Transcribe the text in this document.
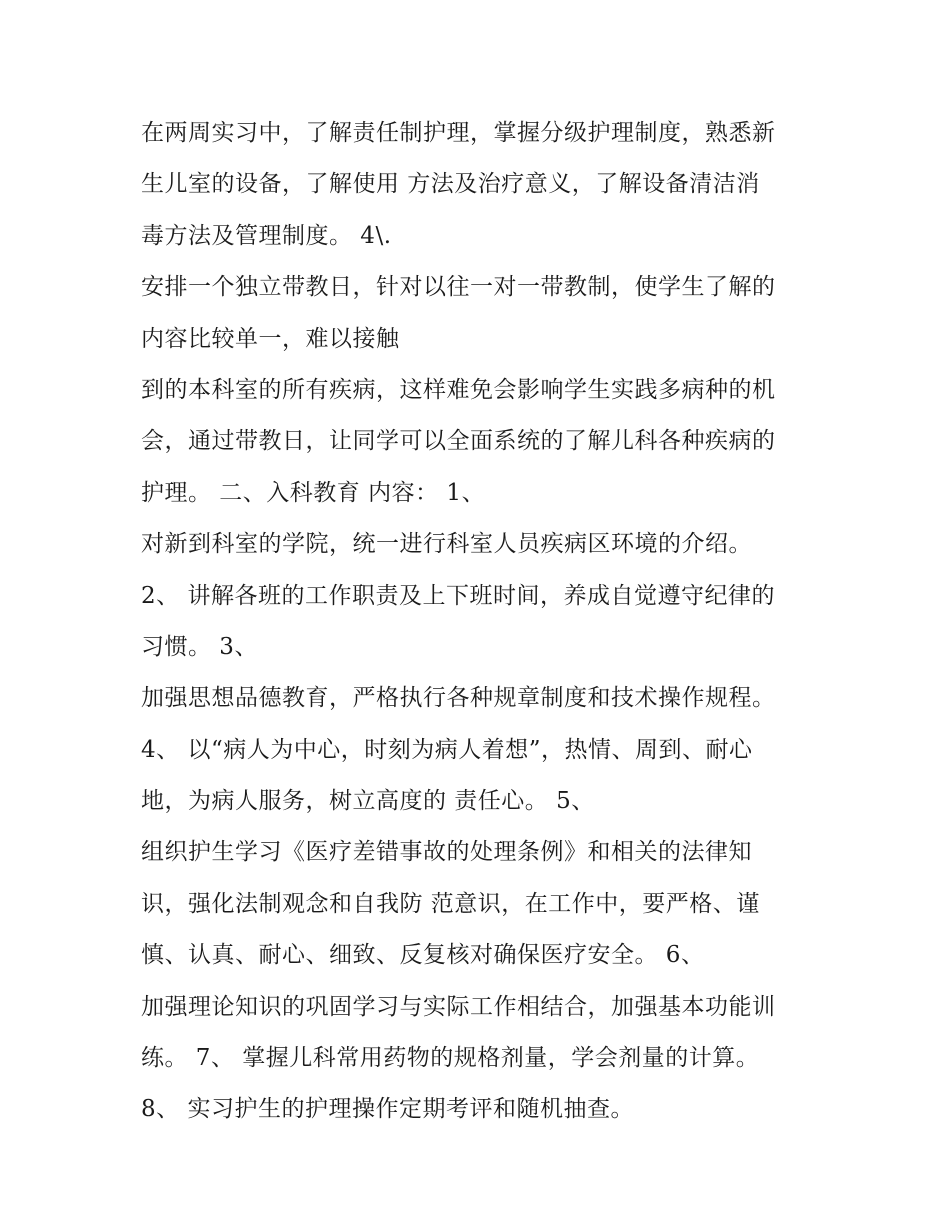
在两周实习中，了解责任制护理，掌握分级护理制度，熟悉新
生儿室的设备，了解使用 方法及治疗意义，了解设备清洁消
毒方法及管理制度。 4\.
安排一个独立带教日，针对以往一对一带教制，使学生了解的
内容比较单一，难以接触
到的本科室的所有疾病，这样难免会影响学生实践多病种的机
会，通过带教日，让同学可以全面系统的了解儿科各种疾病的
护理。 二、入科教育 内容： 1、
对新到科室的学院，统一进行科室人员疾病区环境的介绍。
2、 讲解各班的工作职责及上下班时间，养成自觉遵守纪律的
习惯。 3、
加强思想品德教育，严格执行各种规章制度和技术操作规程。
4、 以“病人为中心，时刻为病人着想”，热情、周到、耐心
地，为病人服务，树立高度的 责任心。 5、
组织护生学习《医疗差错事故的处理条例》和相关的法律知
识，强化法制观念和自我防 范意识，在工作中，要严格、谨
慎、认真、耐心、细致、反复核对确保医疗安全。 6、
加强理论知识的巩固学习与实际工作相结合，加强基本功能训
练。 7、 掌握儿科常用药物的规格剂量，学会剂量的计算。
8、 实习护生的护理操作定期考评和随机抽查。
